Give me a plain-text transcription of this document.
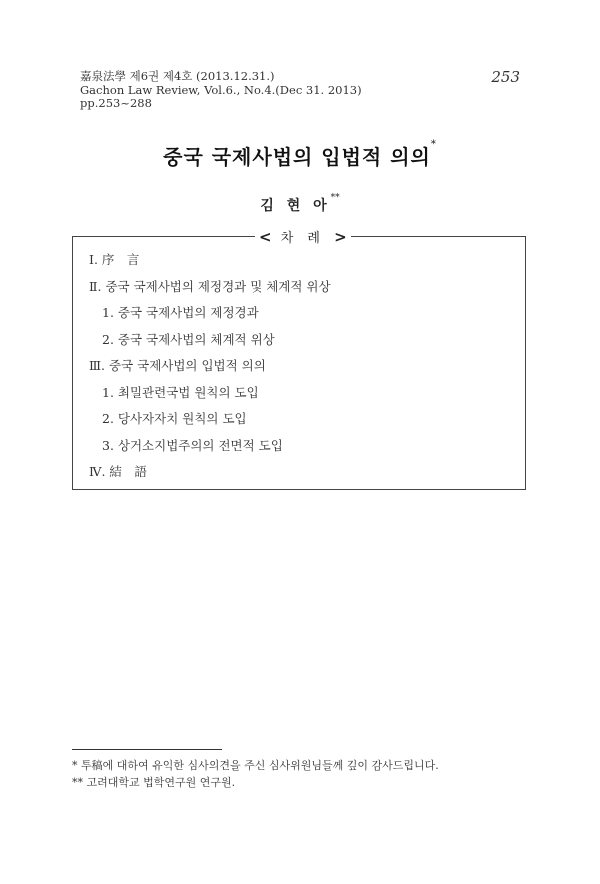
嘉泉法學 제6권 제4호 (2013.12.31.)
Gachon Law Review, Vol.6., No.4.(Dec 31. 2013)
pp.253~288
253
중국 국제사법의 입법적 의의*
김 현 아**
< 차 례 >
Ⅰ. 序　言
Ⅱ. 중국 국제사법의 제정경과 및 체계적 위상
1. 중국 국제사법의 제정경과
2. 중국 국제사법의 체계적 위상
Ⅲ. 중국 국제사법의 입법적 의의
1. 최밀관련국법 원칙의 도입
2. 당사자자치 원칙의 도입
3. 상거소지법주의의 전면적 도입
Ⅳ. 結　語
* 투稿에 대하여 유익한 심사의견을 주신 심사위원님들께 깊이 감사드립니다.
** 고려대학교 법학연구원 연구원.
